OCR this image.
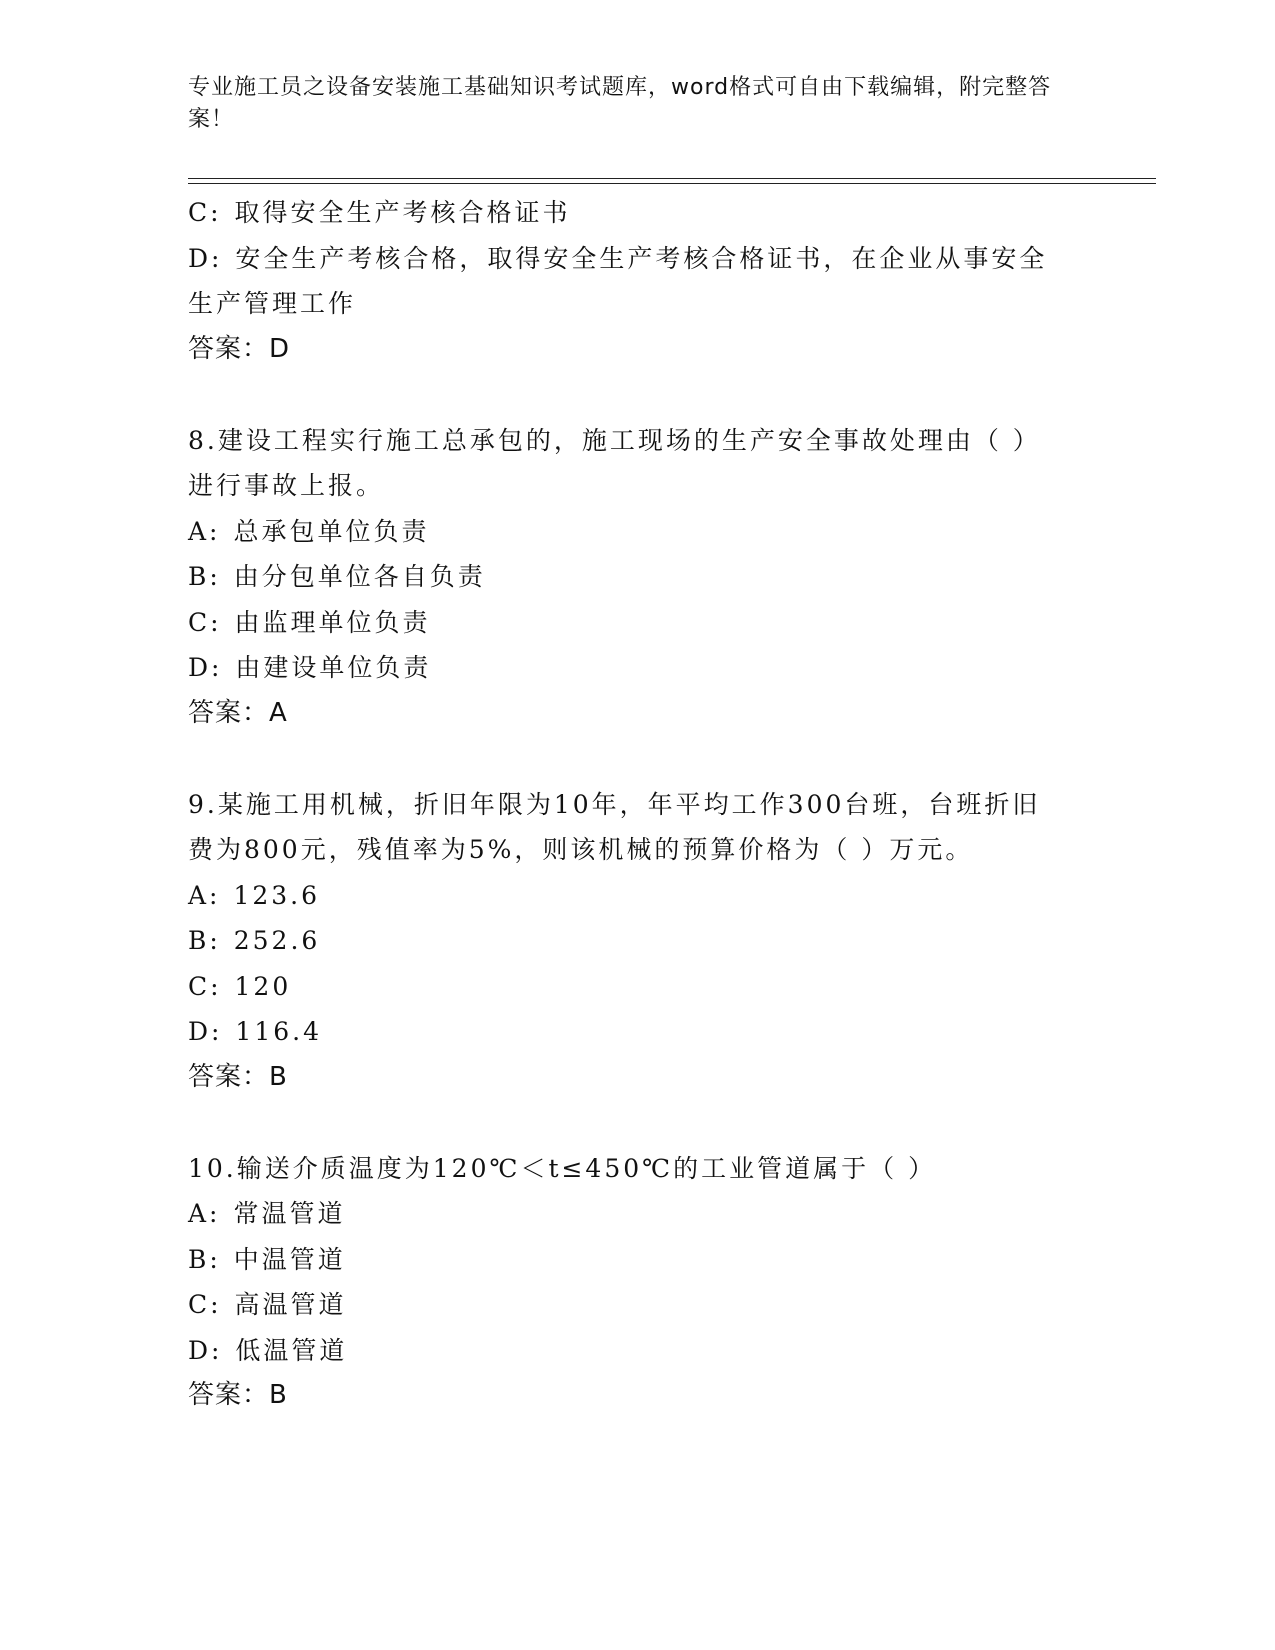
专业施工员之设备安装施工基础知识考试题库，word格式可自由下载编辑，附完整答案！
C: 取得安全生产考核合格证书
D: 安全生产考核合格，取得安全生产考核合格证书，在企业从事安全生产管理工作
答案：D
8.建设工程实行施工总承包的，施工现场的生产安全事故处理由（ ）进行事故上报。
A: 总承包单位负责
B: 由分包单位各自负责
C: 由监理单位负责
D: 由建设单位负责
答案：A
9.某施工用机械，折旧年限为10年，年平均工作300台班，台班折旧费为800元，残值率为5%，则该机械的预算价格为（ ）万元。
A: 123.6
B: 252.6
C: 120
D: 116.4
答案：B
10.输送介质温度为120℃＜t≤450℃的工业管道属于（ ）
A: 常温管道
B: 中温管道
C: 高温管道
D: 低温管道
答案：B
